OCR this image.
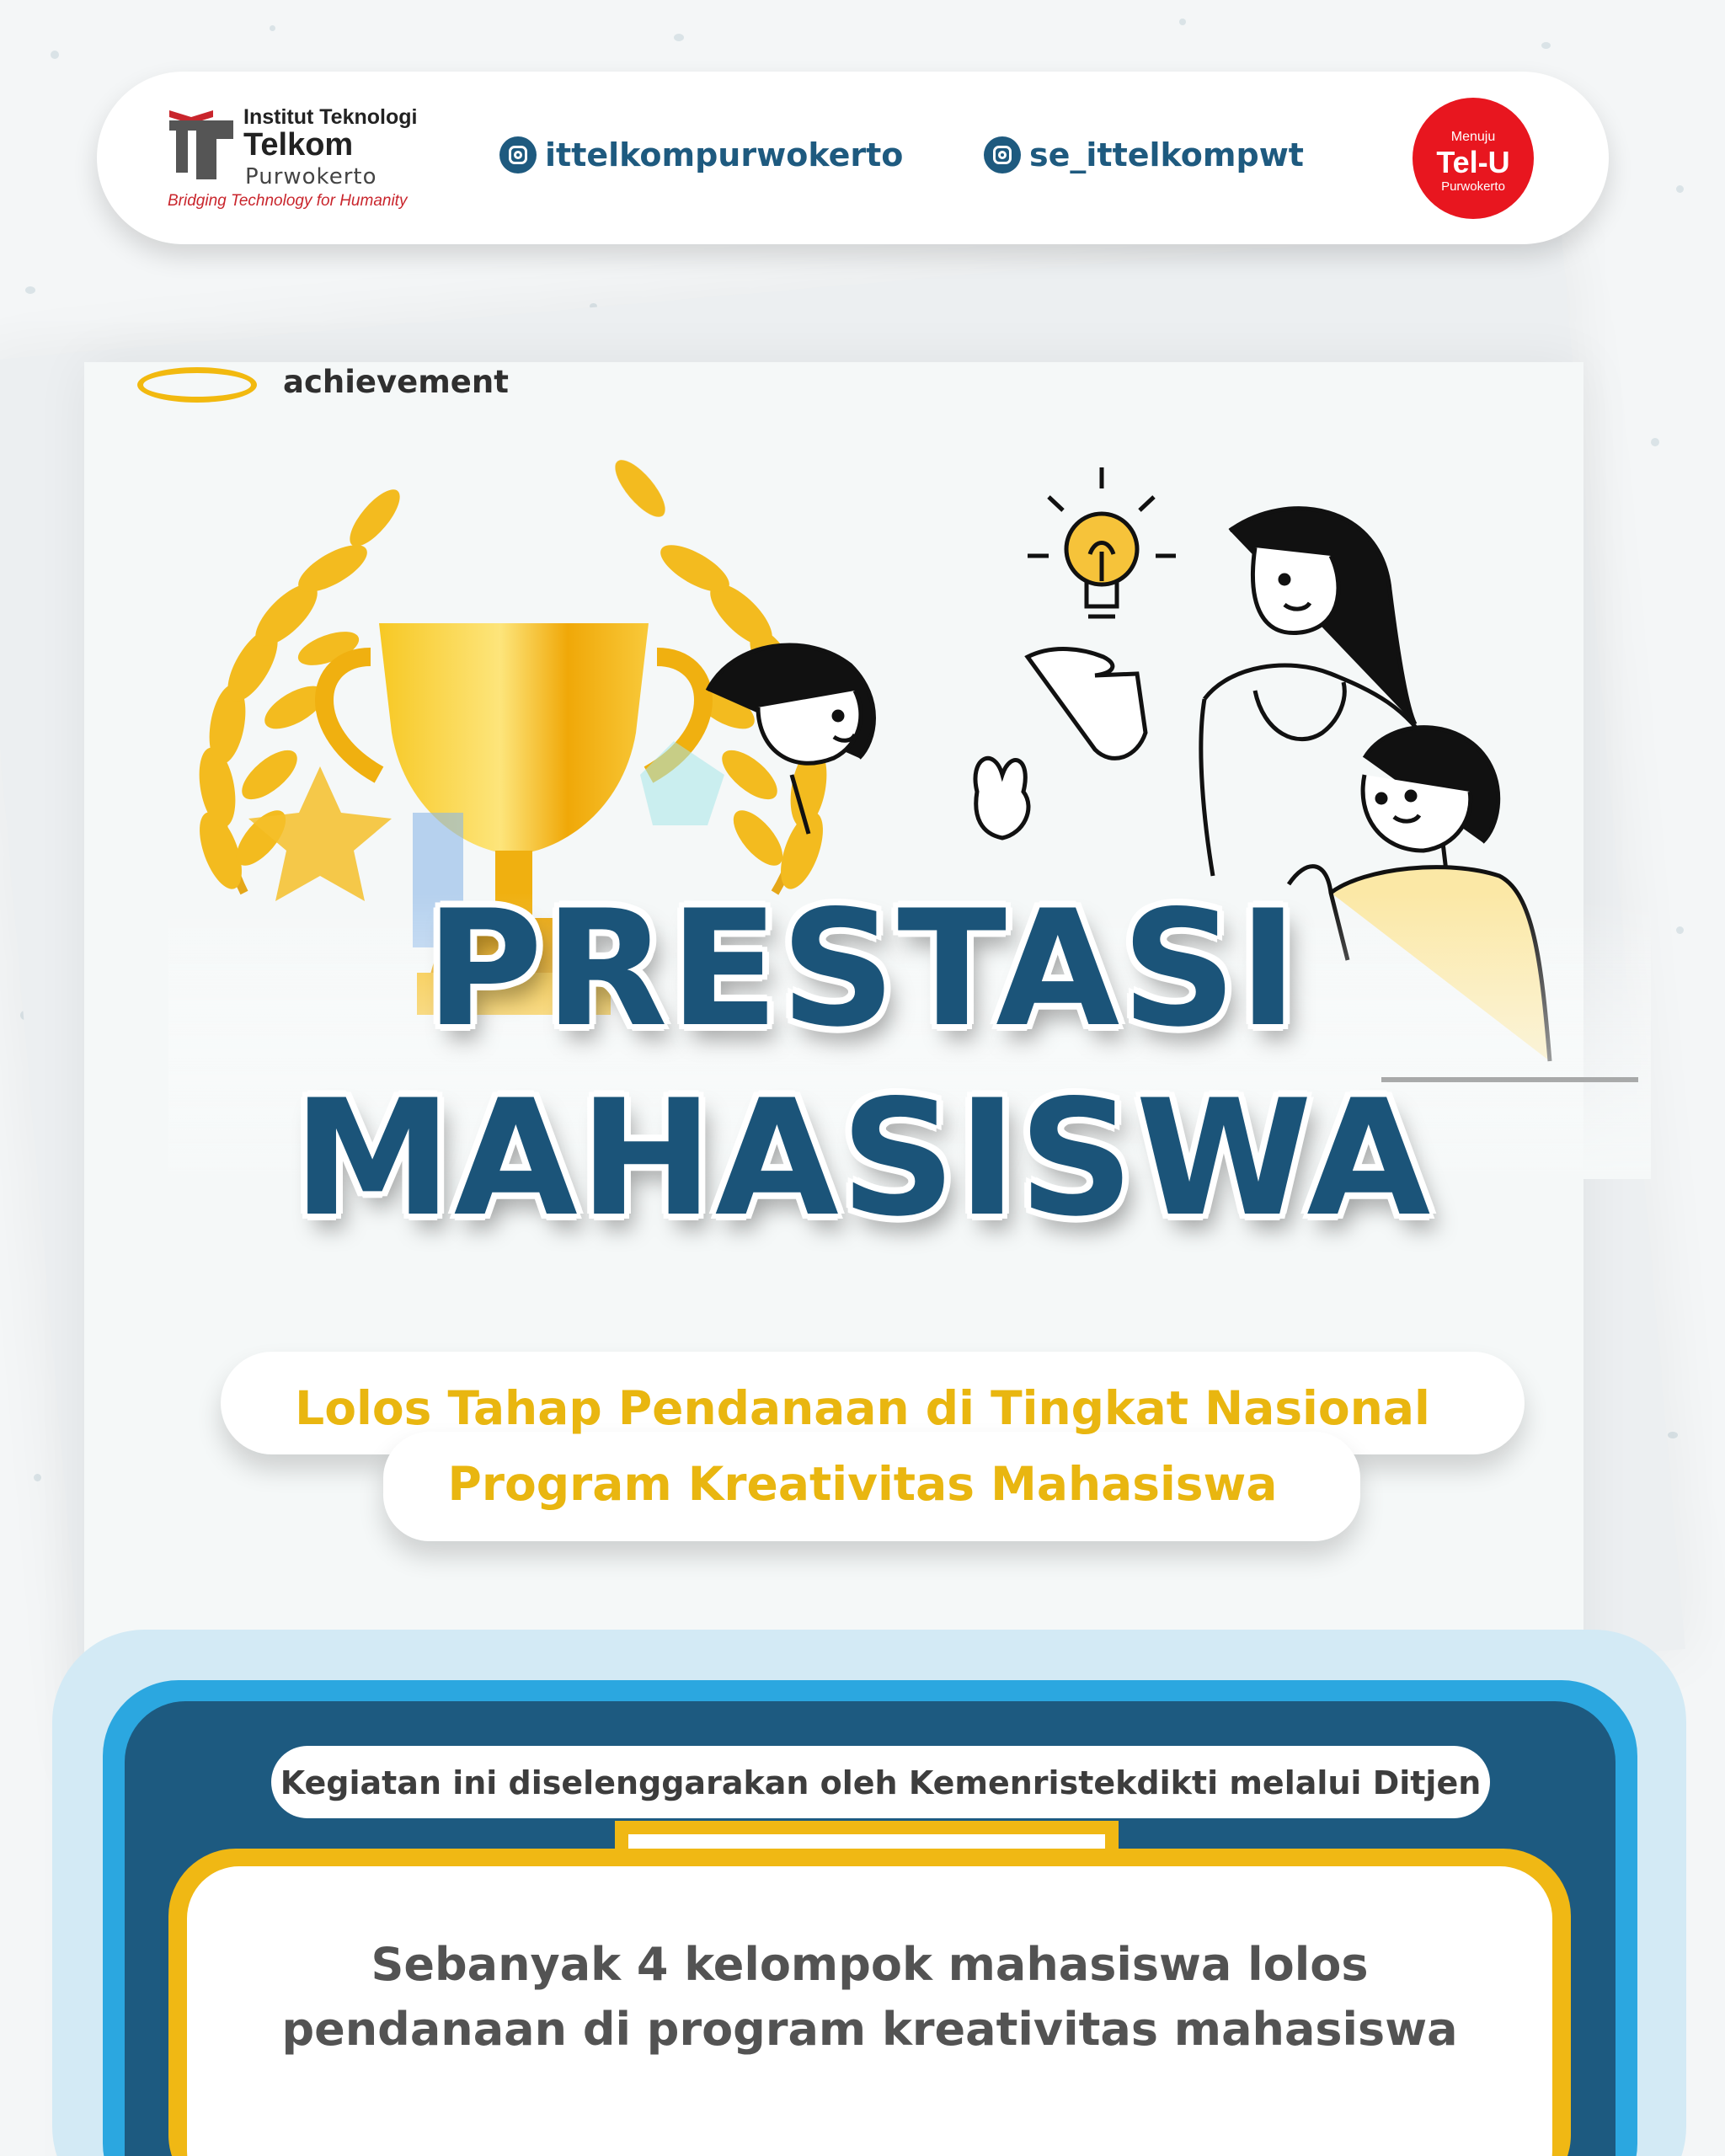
Institut Teknologi
Telkom
Purwokerto
Bridging Technology for Humanity
ittelkompurwokerto	se_ittelkompwt	Menuju
Tel-U
Purwokerto
achievement
PRESTASI
MAHASISWA
Lolos Tahap Pendanaan di Tingkat Nasional
Program Kreativitas Mahasiswa
Kegiatan ini diselenggarakan oleh Kemenristekdikti melalui Ditjen
Sebanyak 4 kelompok mahasiswa lolos
pendanaan di program kreativitas mahasiswa
